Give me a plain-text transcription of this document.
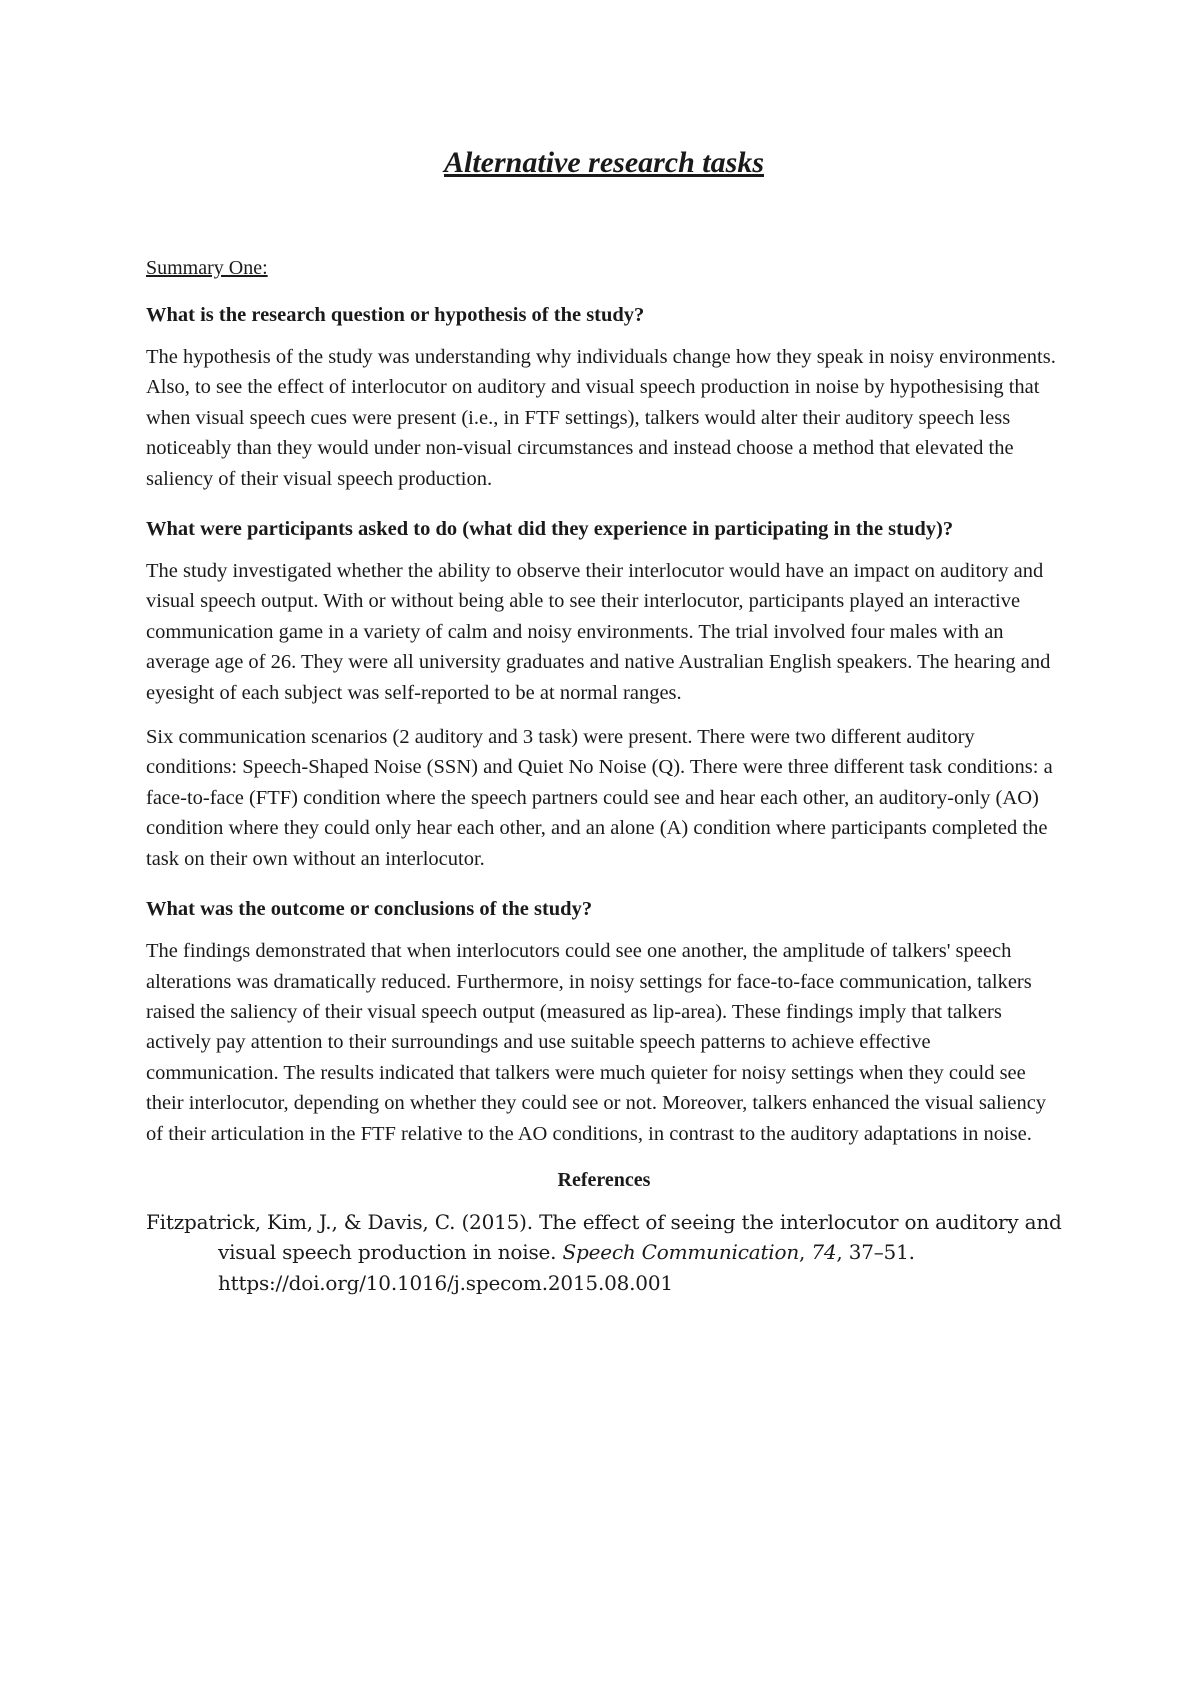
Alternative research tasks

Summary One:

What is the research question or hypothesis of the study?

The hypothesis of the study was understanding why individuals change how they speak in noisy environments. Also, to see the effect of interlocutor on auditory and visual speech production in noise by hypothesising that when visual speech cues were present (i.e., in FTF settings), talkers would alter their auditory speech less noticeably than they would under non-visual circumstances and instead choose a method that elevated the saliency of their visual speech production.

What were participants asked to do (what did they experience in participating in the study)?

The study investigated whether the ability to observe their interlocutor would have an impact on auditory and visual speech output. With or without being able to see their interlocutor, participants played an interactive communication game in a variety of calm and noisy environments. The trial involved four males with an average age of 26. They were all university graduates and native Australian English speakers. The hearing and eyesight of each subject was self-reported to be at normal ranges.

Six communication scenarios (2 auditory and 3 task) were present. There were two different auditory conditions: Speech-Shaped Noise (SSN) and Quiet No Noise (Q). There were three different task conditions: a face-to-face (FTF) condition where the speech partners could see and hear each other, an auditory-only (AO) condition where they could only hear each other, and an alone (A) condition where participants completed the task on their own without an interlocutor.

What was the outcome or conclusions of the study?

The findings demonstrated that when interlocutors could see one another, the amplitude of talkers' speech alterations was dramatically reduced. Furthermore, in noisy settings for face-to-face communication, talkers raised the saliency of their visual speech output (measured as lip-area). These findings imply that talkers actively pay attention to their surroundings and use suitable speech patterns to achieve effective communication. The results indicated that talkers were much quieter for noisy settings when they could see their interlocutor, depending on whether they could see or not. Moreover, talkers enhanced the visual saliency of their articulation in the FTF relative to the AO conditions, in contrast to the auditory adaptations in noise.

References

Fitzpatrick, Kim, J., & Davis, C. (2015). The effect of seeing the interlocutor on auditory and visual speech production in noise. Speech Communication, 74, 37–51. https://doi.org/10.1016/j.specom.2015.08.001
